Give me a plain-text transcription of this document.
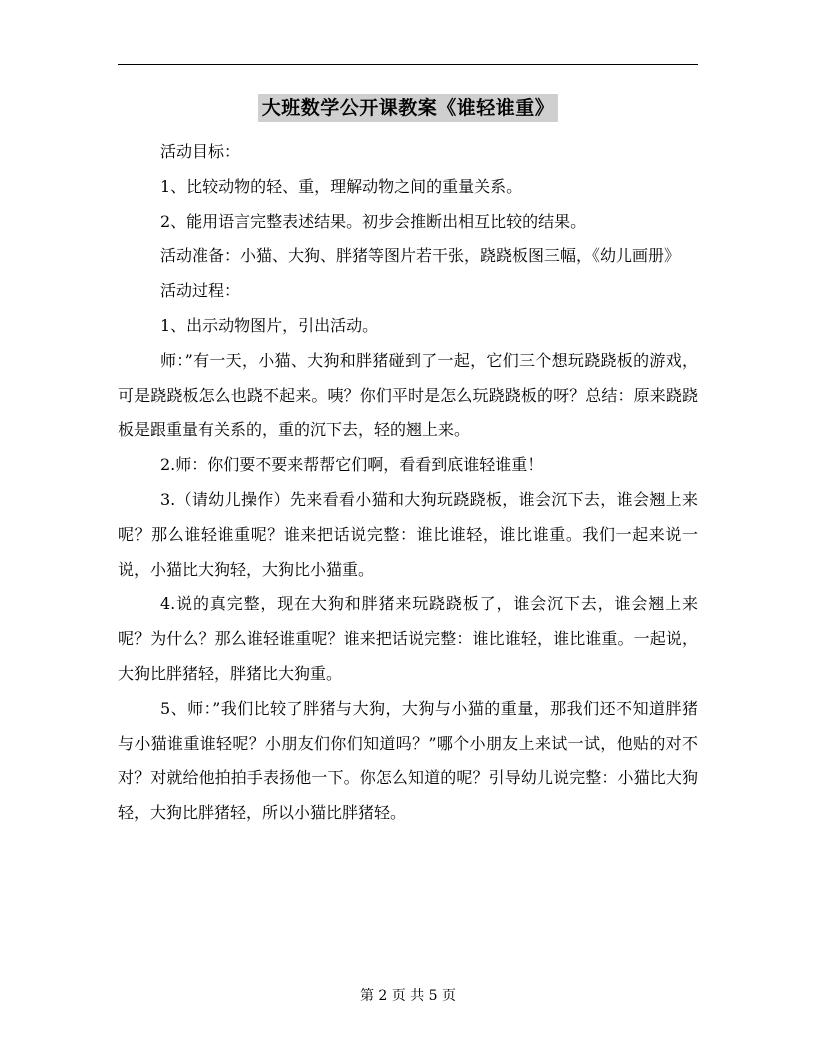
大班数学公开课教案《谁轻谁重》

活动目标：

1、比较动物的轻、重，理解动物之间的重量关系。

2、能用语言完整表述结果。初步会推断出相互比较的结果。

活动准备：小猫、大狗、胖猪等图片若干张，跷跷板图三幅，《幼儿画册》

活动过程：

1、出示动物图片，引出活动。

师：”有一天，小猫、大狗和胖猪碰到了一起，它们三个想玩跷跷板的游戏，可是跷跷板怎么也跷不起来。咦？你们平时是怎么玩跷跷板的呀？总结：原来跷跷板是跟重量有关系的，重的沉下去，轻的翘上来。

2.师：你们要不要来帮帮它们啊，看看到底谁轻谁重！

3.（请幼儿操作）先来看看小猫和大狗玩跷跷板，谁会沉下去，谁会翘上来呢？那么谁轻谁重呢？谁来把话说完整：谁比谁轻，谁比谁重。我们一起来说一说，小猫比大狗轻，大狗比小猫重。

4.说的真完整，现在大狗和胖猪来玩跷跷板了，谁会沉下去，谁会翘上来呢？为什么？那么谁轻谁重呢？谁来把话说完整：谁比谁轻，谁比谁重。一起说，大狗比胖猪轻，胖猪比大狗重。

5、师：”我们比较了胖猪与大狗，大狗与小猫的重量，那我们还不知道胖猪与小猫谁重谁轻呢？小朋友们你们知道吗？”哪个小朋友上来试一试，他贴的对不对？对就给他拍拍手表扬他一下。你怎么知道的呢？引导幼儿说完整：小猫比大狗轻，大狗比胖猪轻，所以小猫比胖猪轻。

第 2 页 共 5 页
